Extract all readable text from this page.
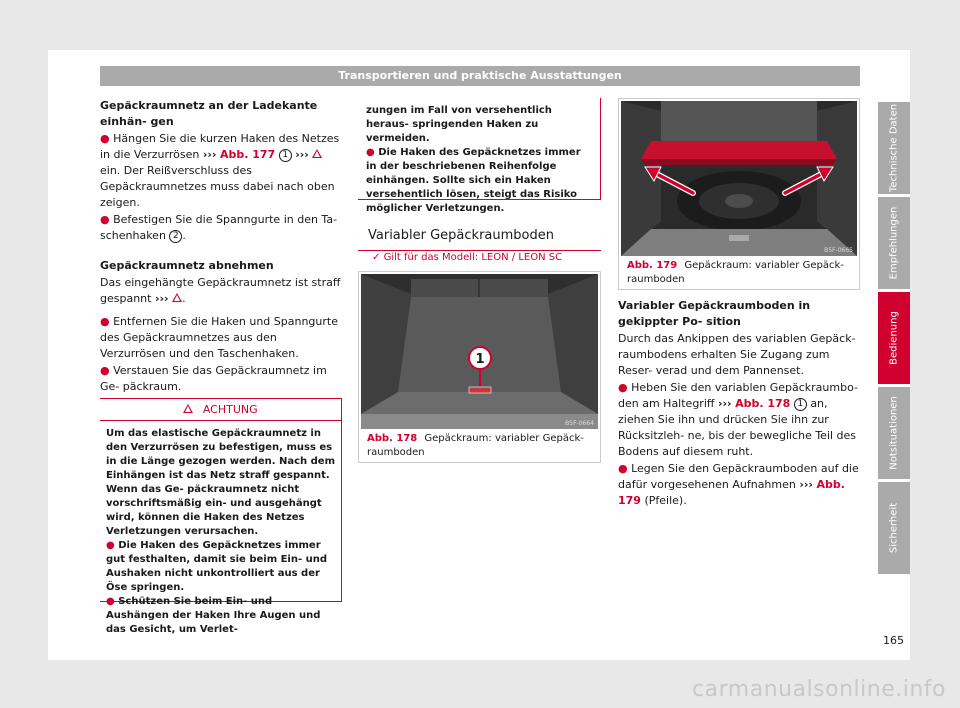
Transportieren und praktische Ausstattungen
Gepäckraumnetz an der Ladekante einhän- gen
● Hängen Sie die kurzen Haken des Netzes in die Verzurrösen ››› Abb. 177 1 ›››  ein. Der Reißverschluss des Gepäckraumnetzes muss dabei nach oben zeigen.
● Befestigen Sie die Spanngurte in den Ta- schenhaken 2 .
Gepäckraumnetz abnehmen
Das eingehängte Gepäckraumnetz ist straff gespannt ››› .
● Entfernen Sie die Haken und Spanngurte des Gepäckraumnetzes aus den Verzurrösen und den Taschenhaken.
● Verstauen Sie das Gepäckraumnetz im Ge- päckraum.
ACHTUNG
Um das elastische Gepäckraumnetz in den Verzurrösen zu befestigen, muss es in die Länge gezogen werden. Nach dem Einhängen ist das Netz straff gespannt. Wenn das Ge- päckraumnetz nicht vorschriftsmäßig ein- und ausgehängt wird, können die Haken des Netzes Verletzungen verursachen.
● Die Haken des Gepäcknetzes immer gut festhalten, damit sie beim Ein- und Aushaken nicht unkontrolliert aus der Öse springen.
● Schützen Sie beim Ein- und Aushängen der Haken Ihre Augen und das Gesicht, um Verlet-
zungen im Fall von versehentlich heraus- springenden Haken zu vermeiden.
● Die Haken des Gepäcknetzes immer in der beschriebenen Reihenfolge einhängen. Sollte sich ein Haken versehentlich lösen, steigt das Risiko möglicher Verletzungen.
Variabler Gepäckraumboden
✓ Gilt für das Modell: LEON / LEON SC
1
B5F-0664
Abb. 178 Gepäckraum: variabler Gepäck- raumboden
B5F-0665
Abb. 179 Gepäckraum: variabler Gepäck- raumboden
Variabler Gepäckraumboden in gekippter Po- sition
Durch das Ankippen des variablen Gepäck- raumbodens erhalten Sie Zugang zum Reser- verad und dem Pannenset.
● Heben Sie den variablen Gepäckraumbo- den am Haltegriff ››› Abb. 178 1 an, ziehen Sie ihn und drücken Sie ihn zur Rücksitzleh- ne, bis der bewegliche Teil des Bodens auf diesem ruht.
● Legen Sie den Gepäckraumboden auf die dafür vorgesehenen Aufnahmen ››› Abb. 179 (Pfeile).
Technische Daten
Empfehlungen
Bedienung
Notsituationen
Sicherheit
165
carmanualsonline.info
